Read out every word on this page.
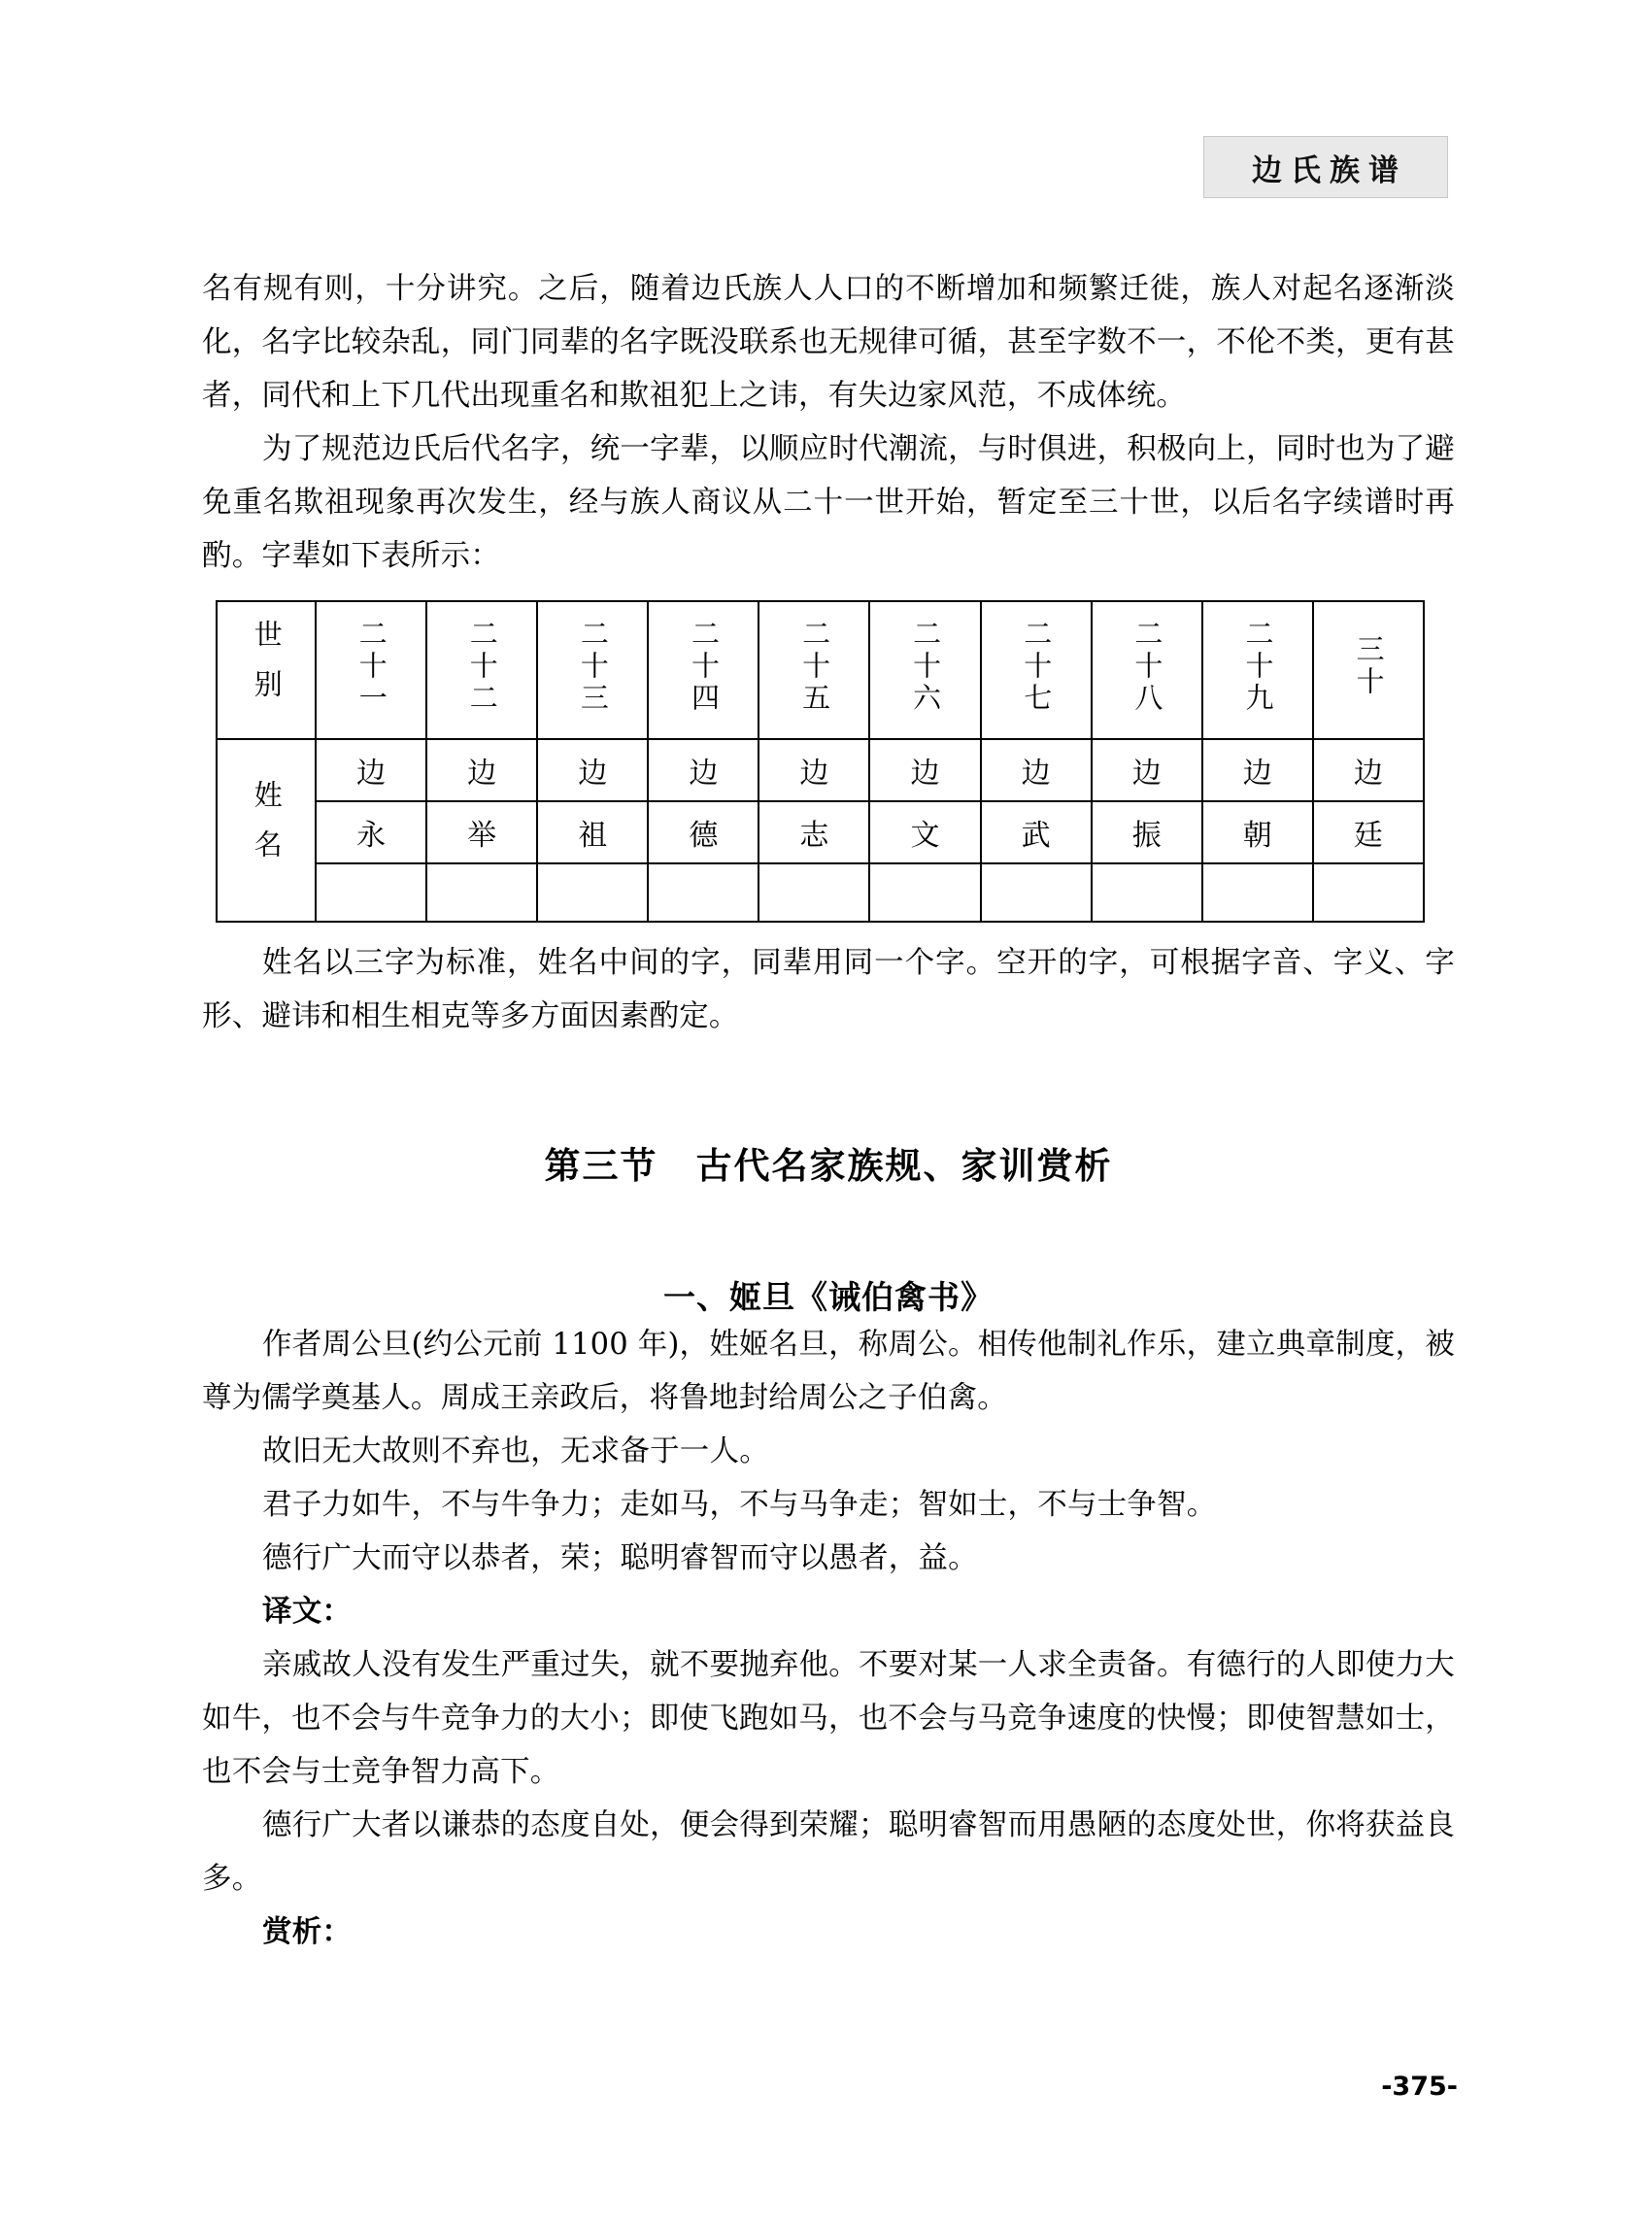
边氏族谱

名有规有则，十分讲究。之后，随着边氏族人人口的不断增加和频繁迁徙，族人对起名逐渐淡化，名字比较杂乱，同门同辈的名字既没联系也无规律可循，甚至字数不一，不伦不类，更有甚者，同代和上下几代出现重名和欺祖犯上之讳，有失边家风范，不成体统。

为了规范边氏后代名字，统一字辈，以顺应时代潮流，与时俱进，积极向上，同时也为了避免重名欺祖现象再次发生，经与族人商议从二十一世开始，暂定至三十世，以后名字续谱时再酌。字辈如下表所示：

世别	二十一	二十二	二十三	二十四	二十五	二十六	二十七	二十八	二十九	三十
姓名	边	边	边	边	边	边	边	边	边	边
	永	举	祖	德	志	文	武	振	朝	廷

姓名以三字为标准，姓名中间的字，同辈用同一个字。空开的字，可根据字音、字义、字形、避讳和相生相克等多方面因素酌定。

第三节　古代名家族规、家训赏析
一、姬旦《诫伯禽书》

作者周公旦(约公元前 1100 年)，姓姬名旦，称周公。相传他制礼作乐，建立典章制度，被尊为儒学奠基人。周成王亲政后，将鲁地封给周公之子伯禽。

故旧无大故则不弃也，无求备于一人。

君子力如牛，不与牛争力；走如马，不与马争走；智如士，不与士争智。

德行广大而守以恭者，荣；聪明睿智而守以愚者，益。

译文：

亲戚故人没有发生严重过失，就不要抛弃他。不要对某一人求全责备。有德行的人即使力大如牛，也不会与牛竞争力的大小；即使飞跑如马，也不会与马竞争速度的快慢；即使智慧如士，也不会与士竞争智力高下。

德行广大者以谦恭的态度自处，便会得到荣耀；聪明睿智而用愚陋的态度处世，你将获益良多。

赏析：

-375-
